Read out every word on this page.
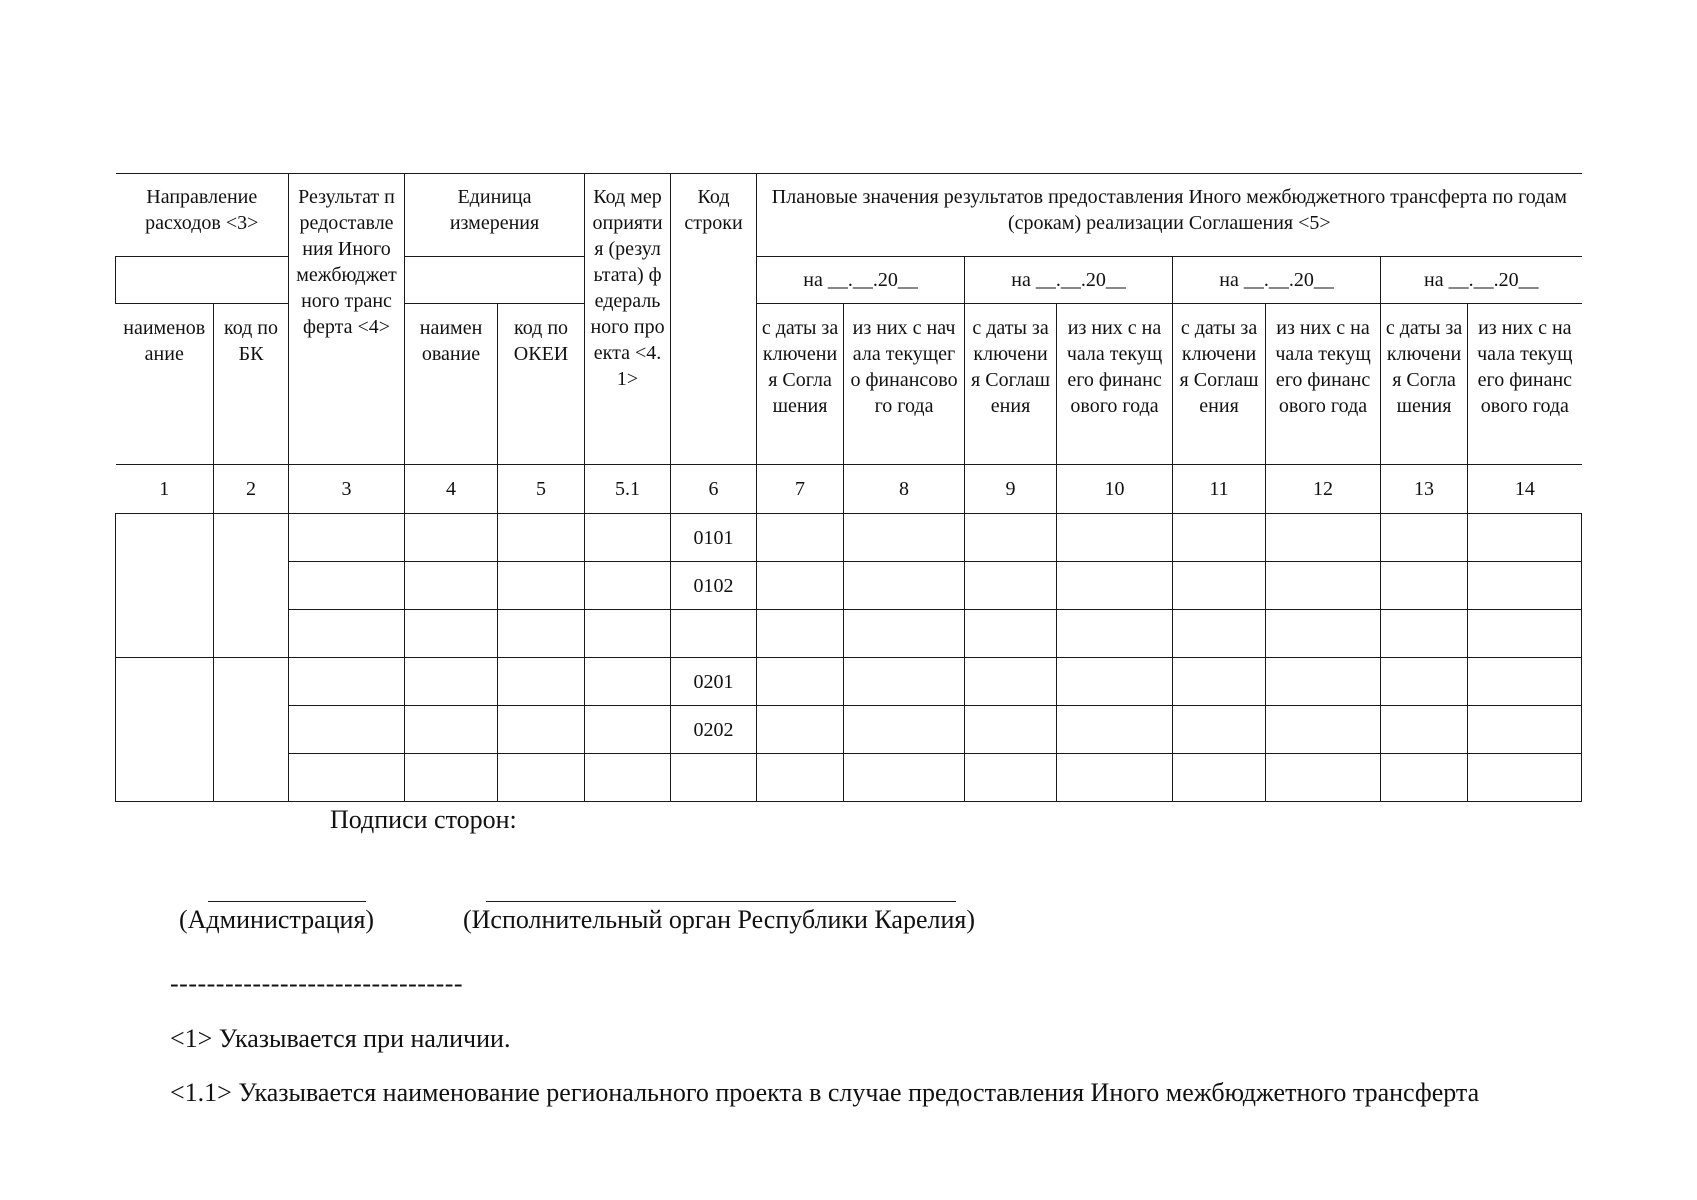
Направление расходов <3>		Результат предоставления Иного межбюджетного трансферта <4>	Единица измерения		Код мероприятия (результата) федерального проекта <4.1>	Код строки	Плановые значения результатов предоставления Иного межбюджетного трансферта по годам (срокам) реализации Соглашения <5>							
							на __.__.20__		на __.__.20__		на __.__.20__		на __.__.20__	
наименование	код по БК		наименование	код по ОКЕИ			с даты заключения Соглашения	из них с начала текущего финансового года	с даты заключения Соглашения	из них с начала текущего финансового года	с даты заключения Соглашения	из них с начала текущего финансового года	с даты заключения Соглашения	из них с начала текущего финансового года
1	2	3	4	5	5.1	6	7	8	9	10	11	12	13	14
						0101								
						0102								

						0201								
						0202								

Подписи сторон:
(Администрация)	(Исполнительный орган Республики Карелия)
--------------------------------
<1> Указывается при наличии.
<1.1> Указывается наименование регионального проекта в случае предоставления Иного межбюджетного трансферта
